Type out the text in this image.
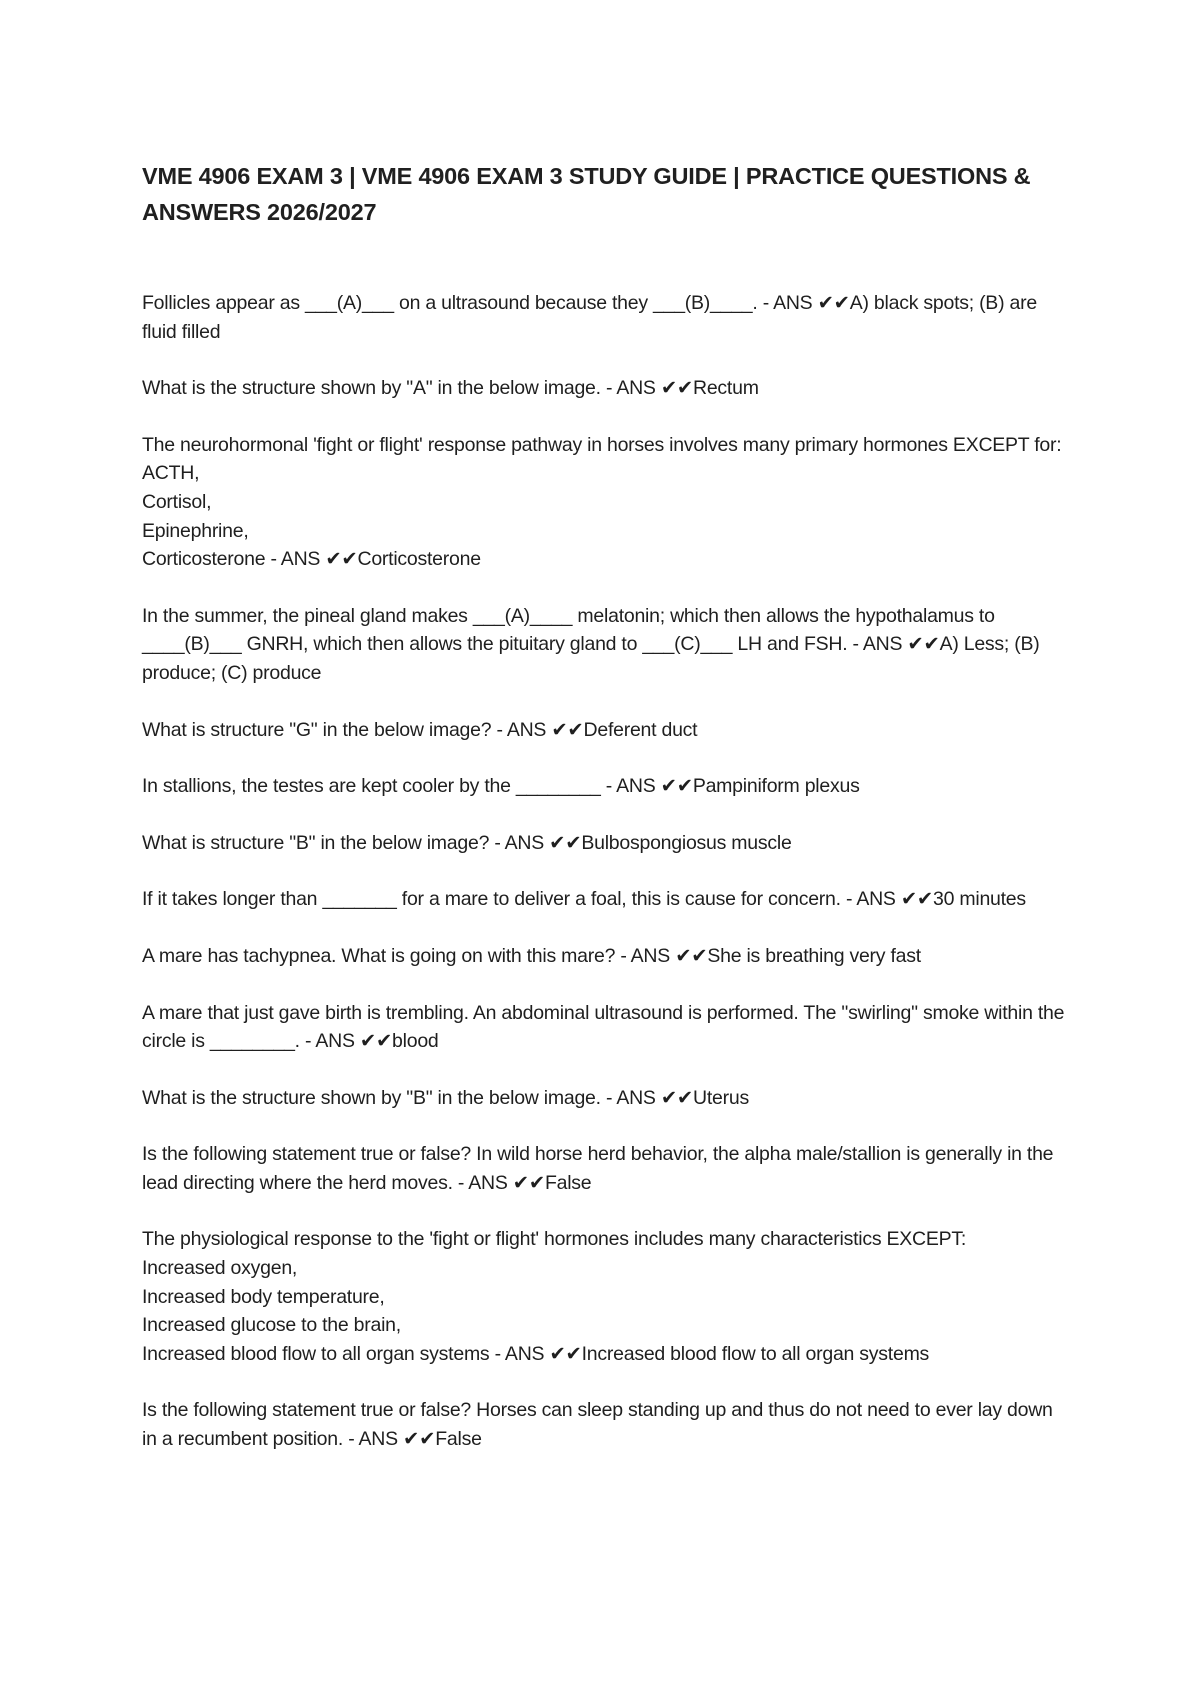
VME 4906 EXAM 3 | VME 4906 EXAM 3 STUDY GUIDE | PRACTICE QUESTIONS & ANSWERS 2026/2027

Follicles appear as ___(A)___ on a ultrasound because they ___(B)____. - ANS ✔✔A) black spots; (B) are fluid filled

What is the structure shown by "A" in the below image. - ANS ✔✔Rectum

The neurohormonal 'fight or flight' response pathway in horses involves many primary hormones EXCEPT for:
ACTH,
Cortisol,
Epinephrine,
Corticosterone - ANS ✔✔Corticosterone

In the summer, the pineal gland makes ___(A)____ melatonin; which then allows the hypothalamus to ____(B)___ GNRH, which then allows the pituitary gland to ___(C)___ LH and FSH. - ANS ✔✔A) Less; (B) produce; (C) produce

What is structure "G" in the below image? - ANS ✔✔Deferent duct

In stallions, the testes are kept cooler by the ________ - ANS ✔✔Pampiniform plexus

What is structure "B" in the below image? - ANS ✔✔Bulbospongiosus muscle

If it takes longer than _______ for a mare to deliver a foal, this is cause for concern. - ANS ✔✔30 minutes

A mare has tachypnea. What is going on with this mare? - ANS ✔✔She is breathing very fast

A mare that just gave birth is trembling. An abdominal ultrasound is performed. The "swirling" smoke within the circle is ________. - ANS ✔✔blood

What is the structure shown by "B" in the below image. - ANS ✔✔Uterus

Is the following statement true or false? In wild horse herd behavior, the alpha male/stallion is generally in the lead directing where the herd moves. - ANS ✔✔False

The physiological response to the 'fight or flight' hormones includes many characteristics EXCEPT:
Increased oxygen,
Increased body temperature,
Increased glucose to the brain,
Increased blood flow to all organ systems - ANS ✔✔Increased blood flow to all organ systems

Is the following statement true or false? Horses can sleep standing up and thus do not need to ever lay down in a recumbent position. - ANS ✔✔False
